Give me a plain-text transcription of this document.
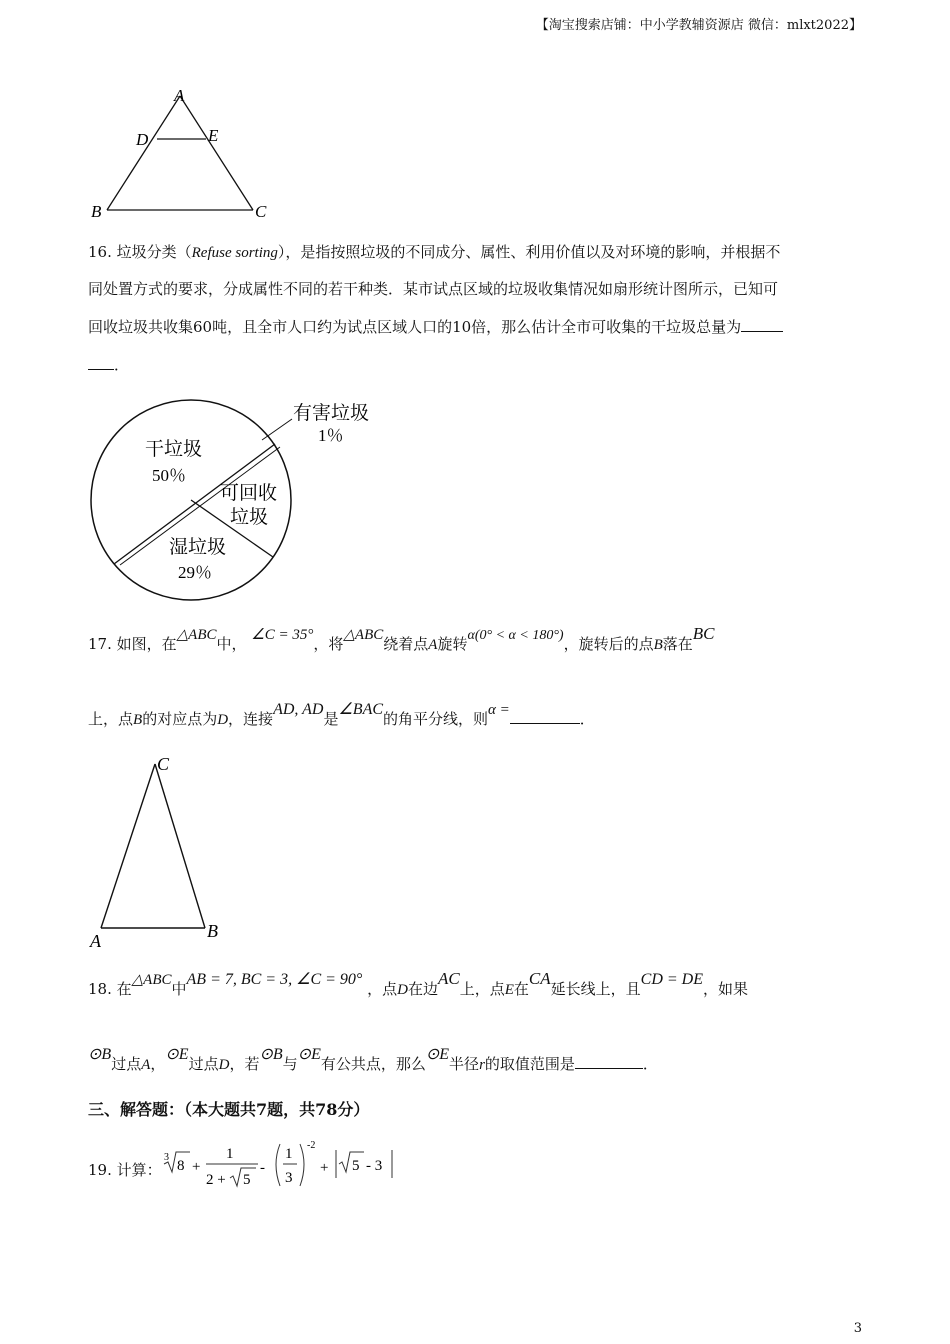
【淘宝搜索店铺：中小学教辅资源店 微信：mlxt2022】
A
D	E
B	C
16. 垃圾分类（Refuse sorting），是指按照垃圾的不同成分、属性、利用价值以及对环境的影响，并根据不
同处置方式的要求，分成属性不同的若干种类．某市试点区域的垃圾收集情况如扇形统计图所示，已知可
回收垃圾共收集60吨，且全市人口约为试点区域人口的10倍，那么估计全市可收集的干垃圾总量为
．
干垃圾
50％
有害垃圾
1％
可回收
垃圾
湿垃圾
29％
17. 如图，在△ABC中， ∠C = 35°，将△ABC绕着点A旋转α(0° < α < 180°)，旋转后的点B落在BC
上，点B的对应点为D，连接AD, AD是∠BAC的角平分线，则α =	．
C
A	B
18. 在△ABC中AB = 7, BC = 3, ∠C = 90° ，点D在边AC上，点E在CA延长线上，且CD = DE，如果
⊙B过点A，⊙E过点D，若⊙B与⊙E有公共点，那么⊙E半径r的取值范围是	．
三、解答题：（本大题共7题，共78分）
19. 计算：
3
8 +
1
2 + 5
-
1
3
-2
+ 5 - 3
3
